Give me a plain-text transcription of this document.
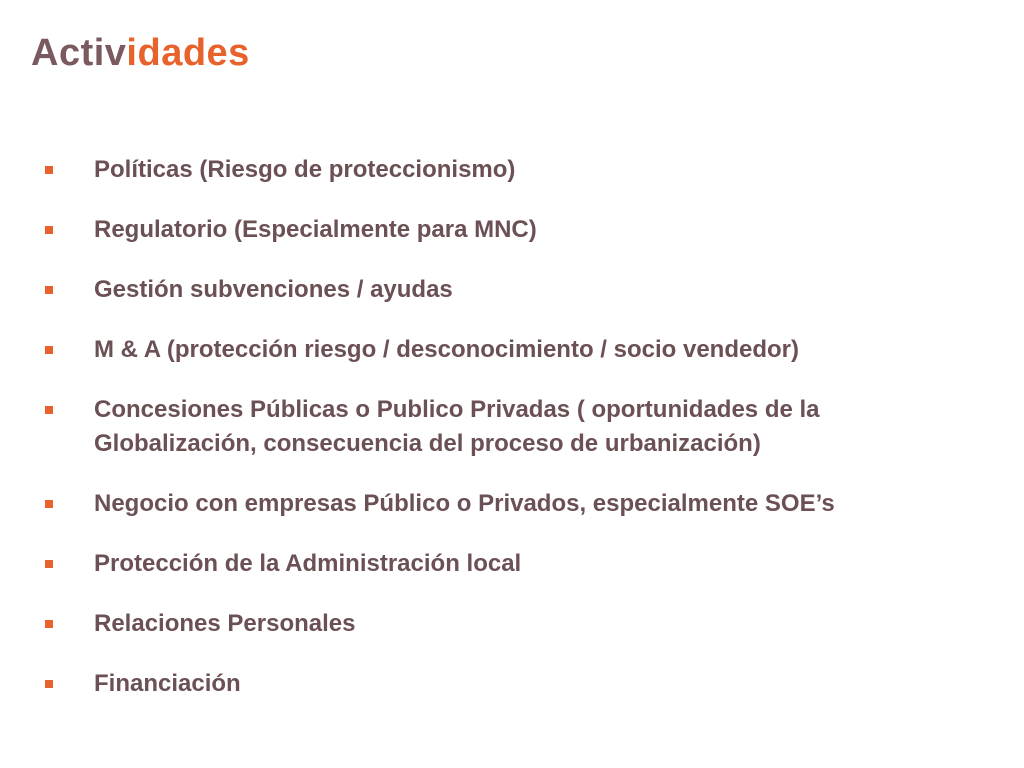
Actividades
Políticas (Riesgo de proteccionismo)
Regulatorio (Especialmente para MNC)
Gestión subvenciones / ayudas
M & A (protección riesgo / desconocimiento / socio vendedor)
Concesiones Públicas o Publico Privadas ( oportunidades de la Globalización, consecuencia del proceso de urbanización)
Negocio con empresas Público o Privados, especialmente SOE’s
Protección de la Administración local
Relaciones Personales
Financiación
